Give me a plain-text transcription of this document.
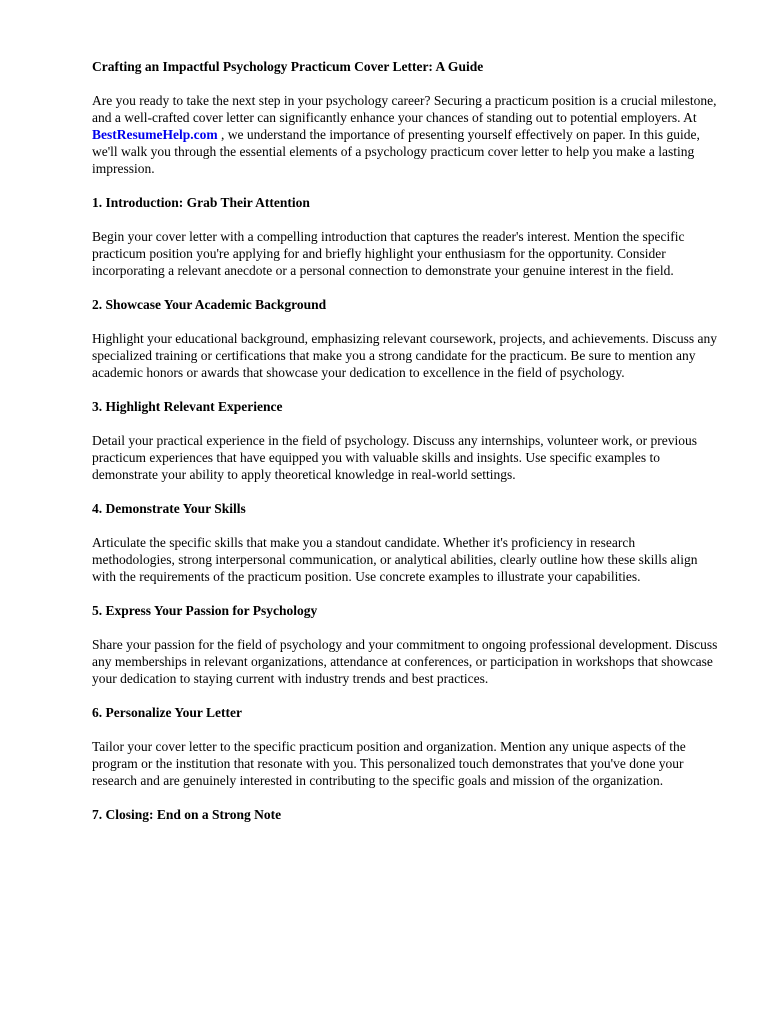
Crafting an Impactful Psychology Practicum Cover Letter: A Guide

Are you ready to take the next step in your psychology career? Securing a practicum position is a crucial milestone, and a well-crafted cover letter can significantly enhance your chances of standing out to potential employers. At BestResumeHelp.com , we understand the importance of presenting yourself effectively on paper. In this guide, we'll walk you through the essential elements of a psychology practicum cover letter to help you make a lasting impression.

1. Introduction: Grab Their Attention

Begin your cover letter with a compelling introduction that captures the reader's interest. Mention the specific practicum position you're applying for and briefly highlight your enthusiasm for the opportunity. Consider incorporating a relevant anecdote or a personal connection to demonstrate your genuine interest in the field.

2. Showcase Your Academic Background

Highlight your educational background, emphasizing relevant coursework, projects, and achievements. Discuss any specialized training or certifications that make you a strong candidate for the practicum. Be sure to mention any academic honors or awards that showcase your dedication to excellence in the field of psychology.

3. Highlight Relevant Experience

Detail your practical experience in the field of psychology. Discuss any internships, volunteer work, or previous practicum experiences that have equipped you with valuable skills and insights. Use specific examples to demonstrate your ability to apply theoretical knowledge in real-world settings.

4. Demonstrate Your Skills

Articulate the specific skills that make you a standout candidate. Whether it's proficiency in research methodologies, strong interpersonal communication, or analytical abilities, clearly outline how these skills align with the requirements of the practicum position. Use concrete examples to illustrate your capabilities.

5. Express Your Passion for Psychology

Share your passion for the field of psychology and your commitment to ongoing professional development. Discuss any memberships in relevant organizations, attendance at conferences, or participation in workshops that showcase your dedication to staying current with industry trends and best practices.

6. Personalize Your Letter

Tailor your cover letter to the specific practicum position and organization. Mention any unique aspects of the program or the institution that resonate with you. This personalized touch demonstrates that you've done your research and are genuinely interested in contributing to the specific goals and mission of the organization.

7. Closing: End on a Strong Note
